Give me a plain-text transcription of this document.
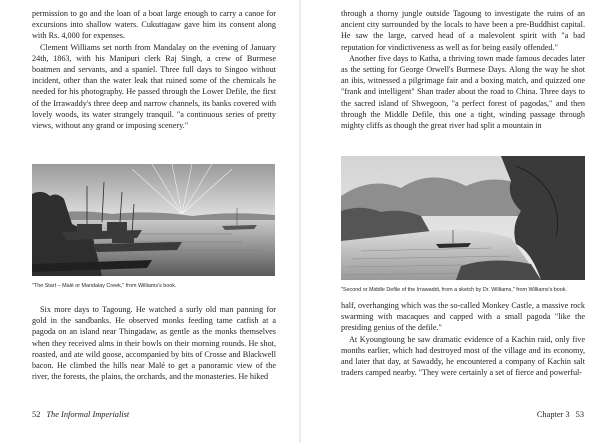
permission to go and the loan of a boat large enough to carry a canoe for excursions into shallow waters. Cukuttagaw gave him its consent along with Rs. 4,000 for expenses.

Clement Williams set north from Mandalay on the evening of January 24th, 1863, with his Manipuri clerk Raj Singh, a crew of Burmese boatmen and servants, and a spaniel. Three full days to Singoo without incident, other than the water leak that ruined some of the chemicals he needed for his photography. He passed through the Lower Defile, the first of the Irrawaddy's three deep and narrow channels, its banks covered with lovely woods, its water strangely tranquil. "a continuous series of pretty views, without any grand or imposing scenery."

"The Start – Malé or Mandalay Creek," from Williams's book.

Six more days to Tagoung. He watched a surly old man panning for gold in the sandbanks. He observed monks feeding tame catfish at a pagoda on an island near Thingadaw, as gentle as the monks themselves when they received alms in their bowls on their morning rounds. He shot, roasted, and ate wild goose, accompanied by bits of Crosse and Blackwell bacon. He climbed the hills near Malé to get a panoramic view of the river, the forests, the plains, the orchards, and the monasteries. He hiked

52 The Informal Imperialist

through a thorny jungle outside Tagoung to investigate the ruins of an ancient city surrounded by the locals to have been a pre-Buddhist capital. He saw the large, carved head of a malevolent spirit with "a bad reputation for vindictiveness as well as for being easily offended."

Another five days to Katha, a thriving town made famous decades later as the setting for George Orwell's Burmese Days. Along the way he shot an ibis, witnessed a pilgrimage fair and a boxing match, and quizzed one "frank and intelligent" Shan trader about the road to China. Three days to the sacred island of Shwegoon, "a perfect forest of pagodas," and then through the Middle Defile, this one a tight, winding passage through mighty cliffs as though the great river had split a mountain in

"Second or Middle Defile of the Irrawaddi, from a sketch by Dr. Williams," from Williams's book.

half, overhanging which was the so-called Monkey Castle, a massive rock swarming with macaques and capped with a small pagoda "like the presiding genius of the defile."

At Kyoungtoung he saw dramatic evidence of a Kachin raid, only five months earlier, which had destroyed most of the village and its economy, and later that day, at Sawaddy, he encountered a company of Kachin salt traders camped nearby. "They were certainly a set of fierce and powerful-

Chapter 3 53
